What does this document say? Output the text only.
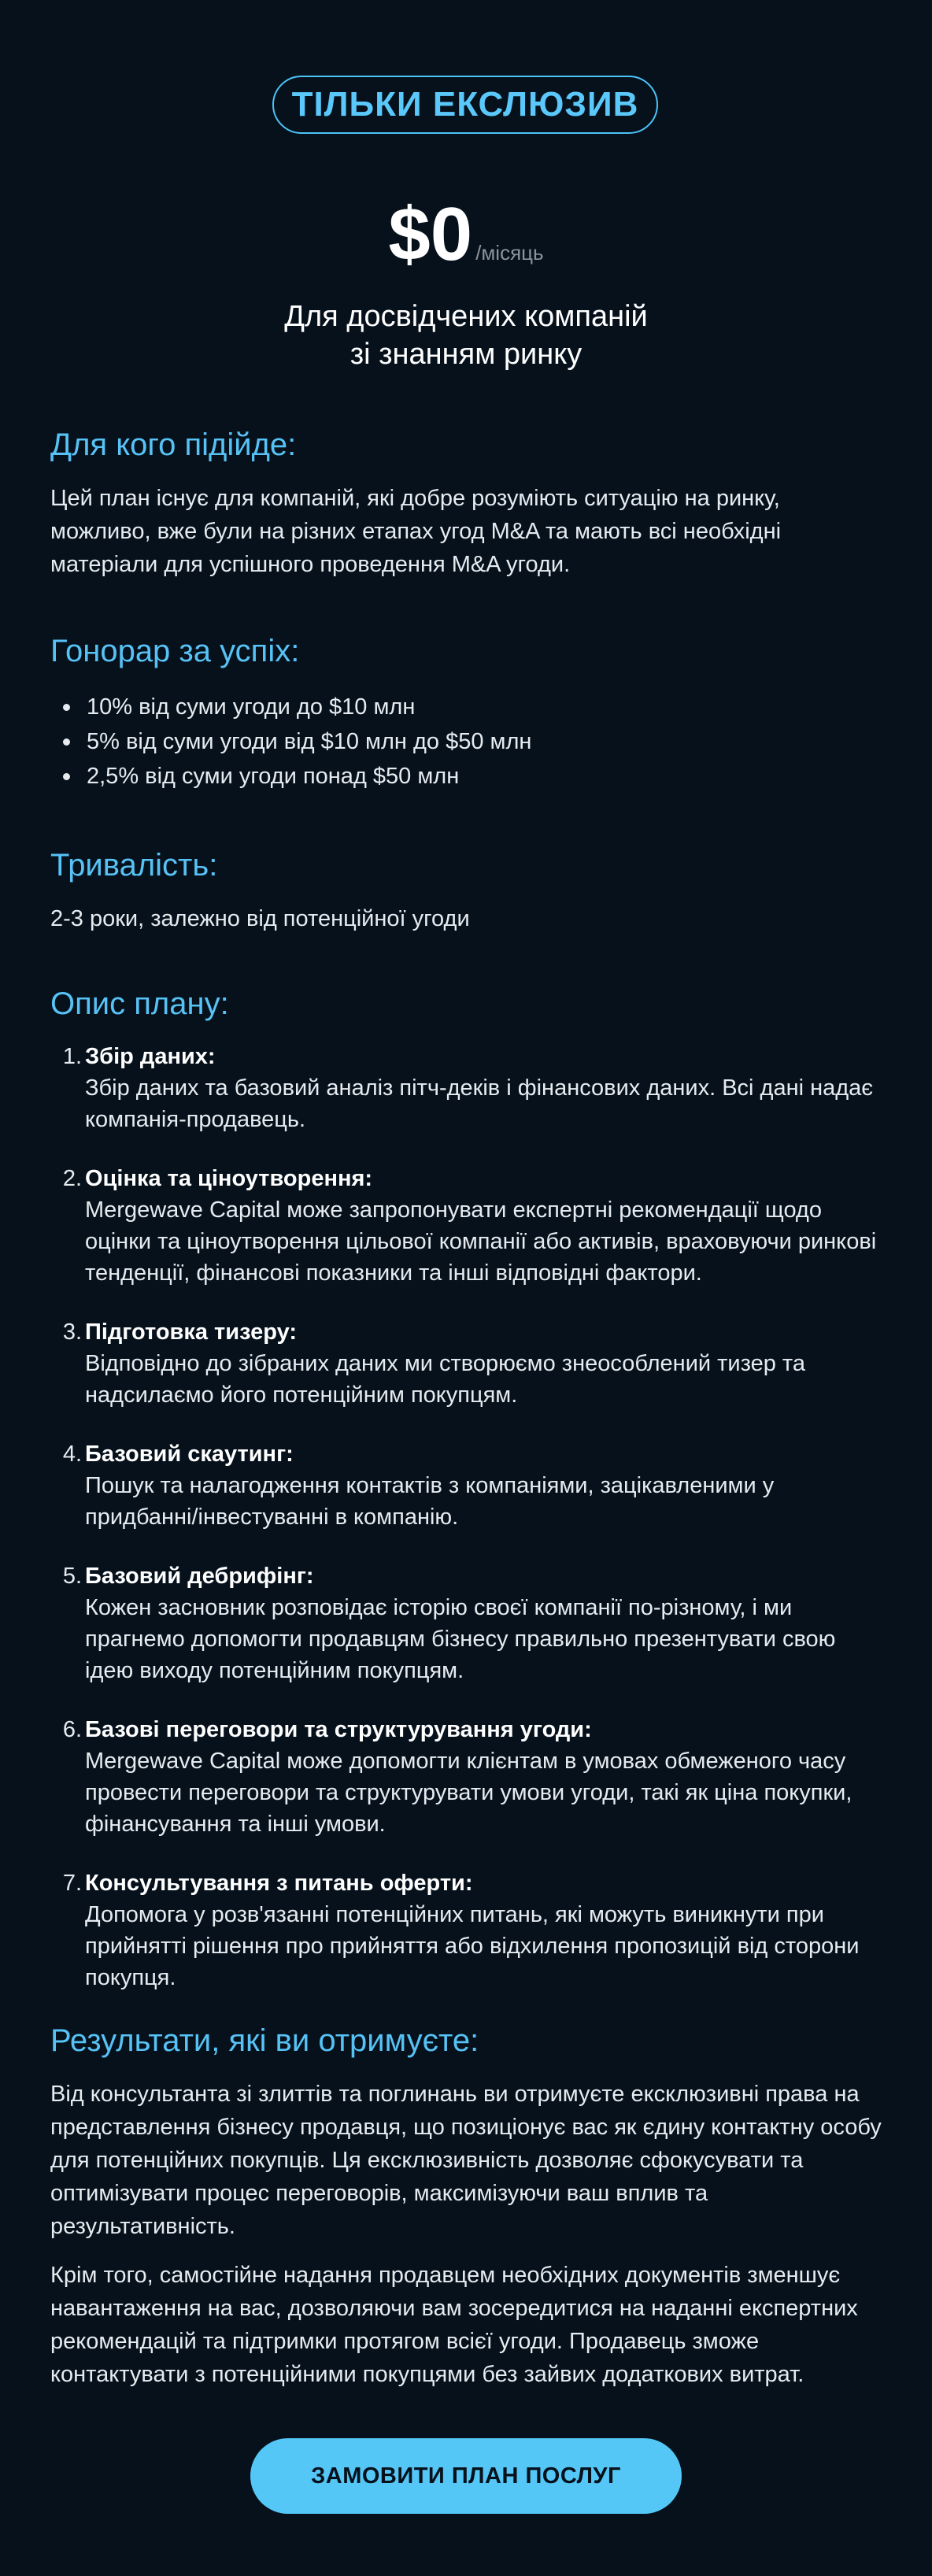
ТІЛЬКИ ЕКСЛЮЗИВ
$0 /місяць
Для досвідчених компаній
зі знанням ринку
Для кого підійде:

Цей план існує для компаній, які добре розуміють ситуацію на ринку, можливо, вже були на різних етапах угод M&A та мають всі необхідні матеріали для успішного проведення M&A угоди.

Гонорар за успіх:
10% від суми угоди до $10 млн
5% від суми угоди від $10 млн до $50 млн
2,5% від суми угоди понад $50 млн
Тривалість:

2-3 роки, залежно від потенційної угоди

Опис плану:
1. Збір даних:
Збір даних та базовий аналіз пітч-деків і фінансових даних. Всі дані надає компанія-продавець.
2. Оцінка та ціноутворення:
Mergewave Capital може запропонувати експертні рекомендації щодо оцінки та ціноутворення цільової компанії або активів, враховуючи ринкові тенденції, фінансові показники та інші відповідні фактори.
3. Підготовка тизеру:
Відповідно до зібраних даних ми створюємо знеособлений тизер та надсилаємо його потенційним покупцям.
4. Базовий скаутинг:
Пошук та налагодження контактів з компаніями, зацікавленими у придбанні/інвестуванні в компанію.
5. Базовий дебрифінг:
Кожен засновник розповідає історію своєї компанії по-різному, і ми прагнемо допомогти продавцям бізнесу правильно презентувати свою ідею виходу потенційним покупцям.
6. Базові переговори та структурування угоди:
Mergewave Capital може допомогти клієнтам в умовах обмеженого часу провести переговори та структурувати умови угоди, такі як ціна покупки, фінансування та інші умови.
7. Консультування з питань оферти:
Допомога у розв'язанні потенційних питань, які можуть виникнути при прийнятті рішення про прийняття або відхилення пропозицій від сторони покупця.
Результати, які ви отримуєте:

Від консультанта зі злиттів та поглинань ви отримуєте ексклюзивні права на представлення бізнесу продавця, що позиціонує вас як єдину контактну особу для потенційних покупців. Ця ексклюзивність дозволяє сфокусувати та оптимізувати процес переговорів, максимізуючи ваш вплив та результативність.

Крім того, самостійне надання продавцем необхідних документів зменшує навантаження на вас, дозволяючи вам зосередитися на наданні експертних рекомендацій та підтримки протягом всієї угоди. Продавець зможе контактувати з потенційними покупцями без зайвих додаткових витрат.

ЗАМОВИТИ ПЛАН ПОСЛУГ
